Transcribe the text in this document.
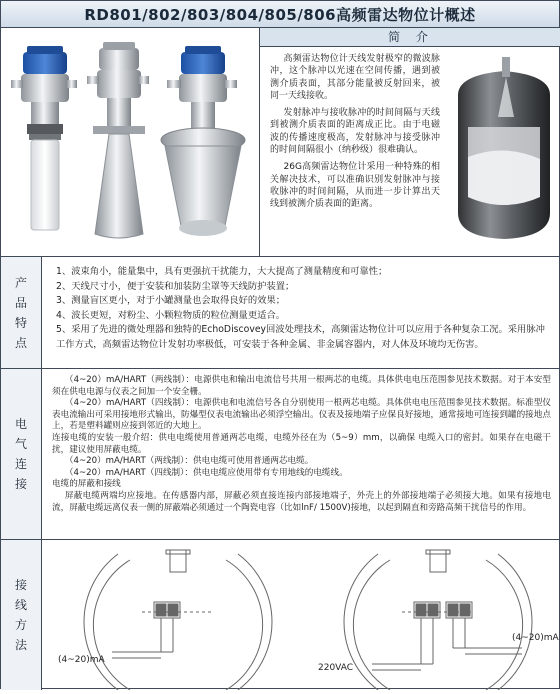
RD801/802/803/804/805/806高频雷达物位计概述
简 介

高频雷达物位计天线发射极窄的微波脉冲，这个脉冲以光速在空间传播，遇到被测介质表面，其部分能量被反射回来，被同一天线接收。

发射脉冲与接收脉冲的时间间隔与天线到被测介质表面的距离成正比。由于电磁波的传播速度极高，发射脉冲与接受脉冲的时间间隔很小（纳秒级）很难确认。

26G高频雷达物位计采用一种特殊的相关解决技术，可以准确识别发射脉冲与接收脉冲的时间间隔，从而进一步计算出天线到被测介质表面的距离。

产
品
特
点
1、波束角小，能量集中，具有更强抗干扰能力，大大提高了测量精度和可靠性；
2、天线尺寸小，便于安装和加装防尘罩等天线防护装置；
3、测量盲区更小，对于小罐测量也会取得良好的效果；
4、波长更短，对粉尘、小颗粒物质的粒位测量更适合。
5、采用了先进的微处理器和独特的EchoDiscovey回波处理技术，高频雷达物位计可以应用于各种复杂工况。采用脉冲工作方式，高频雷达物位计发射功率极低，可安装于各种金属、非金属容器内，对人体及环境均无伤害。
电
气
连
接
（4~20）mA/HART（两线制）：电源供电和输出电流信号共用一根两芯的电缆。具体供电电压范围参见技术数据。对于本安型须在供电电源与仪表之间加一个安全栅。
（4~20）mA/HART（四线制）：电源供电和电流信号各自分别使用一根两芯电缆。具体供电电压范围参见技术数据。标准型仪表电流输出可采用接地形式输出，防爆型仪表电流输出必须浮空输出。仪表及接地端子应保良好接地，通常接地可连接到罐的接地点上，若是塑料罐则应接到邻近的大地上。
连接电缆的安装一般介绍：供电电缆使用普通两芯电缆，电缆外径在为（5~9）mm，以确保 电缆入口的密封。如果存在电磁干扰，建议使用屏蔽电缆。
（4~20）mA/HART（两线制）：供电电缆可使用普通两芯电缆。
（4~20）mA/HART（四线制）：供电电缆应使用带有专用地线的电缆线。
电缆的屏蔽和接线
屏蔽电缆两端均应接地。在传感器内部，屏蔽必须直接连接内部接地端子，外壳上的外部接地端子必须接大地。如果有接地电流，屏蔽电缆远离仪表一侧的屏蔽端必须通过一个陶瓷电容（比如lnF/ 1500V)接地，以起到隔直和旁路高频干扰信号的作用。
接
线
方
法
(4~20)mA
220VAC
(4~20)mA
